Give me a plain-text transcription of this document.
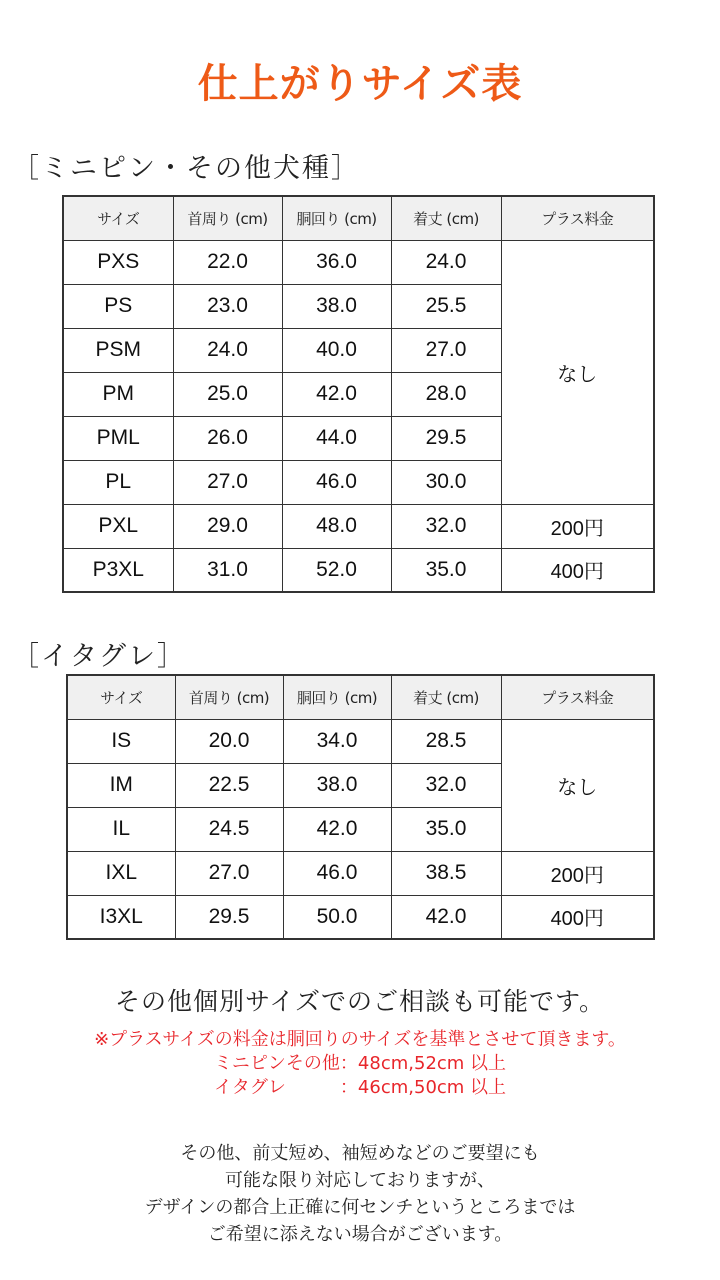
仕上がりサイズ表
［ミニピン・その他犬種］
サイズ	首周り (cm)	胴回り (cm)	着丈 (cm)	プラス料金
PXS	22.0	36.0	24.0	なし
PS	23.0	38.0	25.5	
PSM	24.0	40.0	27.0	
PM	25.0	42.0	28.0	
PML	26.0	44.0	29.5	
PL	27.0	46.0	30.0	
PXL	29.0	48.0	32.0	200円
P3XL	31.0	52.0	35.0	400円
［イタグレ］
サイズ	首周り (cm)	胴回り (cm)	着丈 (cm)	プラス料金
IS	20.0	34.0	28.5	なし
IM	22.5	38.0	32.0	
IL	24.5	42.0	35.0	
IXL	27.0	46.0	38.5	200円
I3XL	29.5	50.0	42.0	400円
その他個別サイズでのご相談も可能です。
※プラスサイズの料金は胴回りのサイズを基準とさせて頂きます。
ミニピンその他：48cm,52cm 以上
イタグレ　　　：46cm,50cm 以上
その他、前丈短め、袖短めなどのご要望にも
可能な限り対応しておりますが、
デザインの都合上正確に何センチというところまでは
ご希望に添えない場合がございます。
